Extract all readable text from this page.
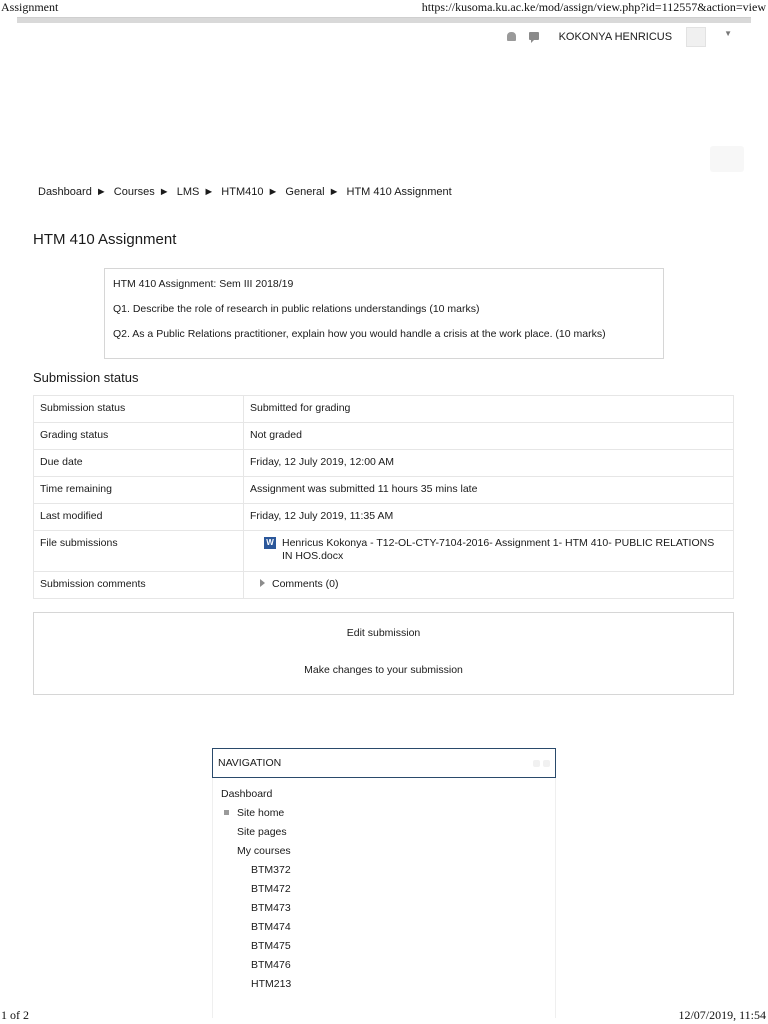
Assignment	https://kusoma.ku.ac.ke/mod/assign/view.php?id=112557&action=view
KOKONYA HENRICUS	▼
Dashboard ► Courses ► LMS ► HTM410 ► General ► HTM 410 Assignment
HTM 410 Assignment

HTM 410 Assignment: Sem III 2018/19

Q1. Describe the role of research in public relations understandings (10 marks)

Q2. As a Public Relations practitioner, explain how you would handle a crisis at the work place. (10 marks)

Submission status
Submission status	Submitted for grading
Grading status	Not graded
Due date	Friday, 12 July 2019, 12:00 AM
Time remaining	Assignment was submitted 11 hours 35 mins late
Last modified	Friday, 12 July 2019, 11:35 AM
File submissions	W Henricus Kokonya - T12-OL-CTY-7104-2016- Assignment 1- HTM 410- PUBLIC RELATIONS IN HOS.docx

Submission comments	Comments (0)
Edit submission
Make changes to your submission
NAVIGATION
Dashboard
Site home
Site pages
My courses
BTM372
BTM472
BTM473
BTM474
BTM475
BTM476
HTM213
1 of 2	12/07/2019, 11:54
